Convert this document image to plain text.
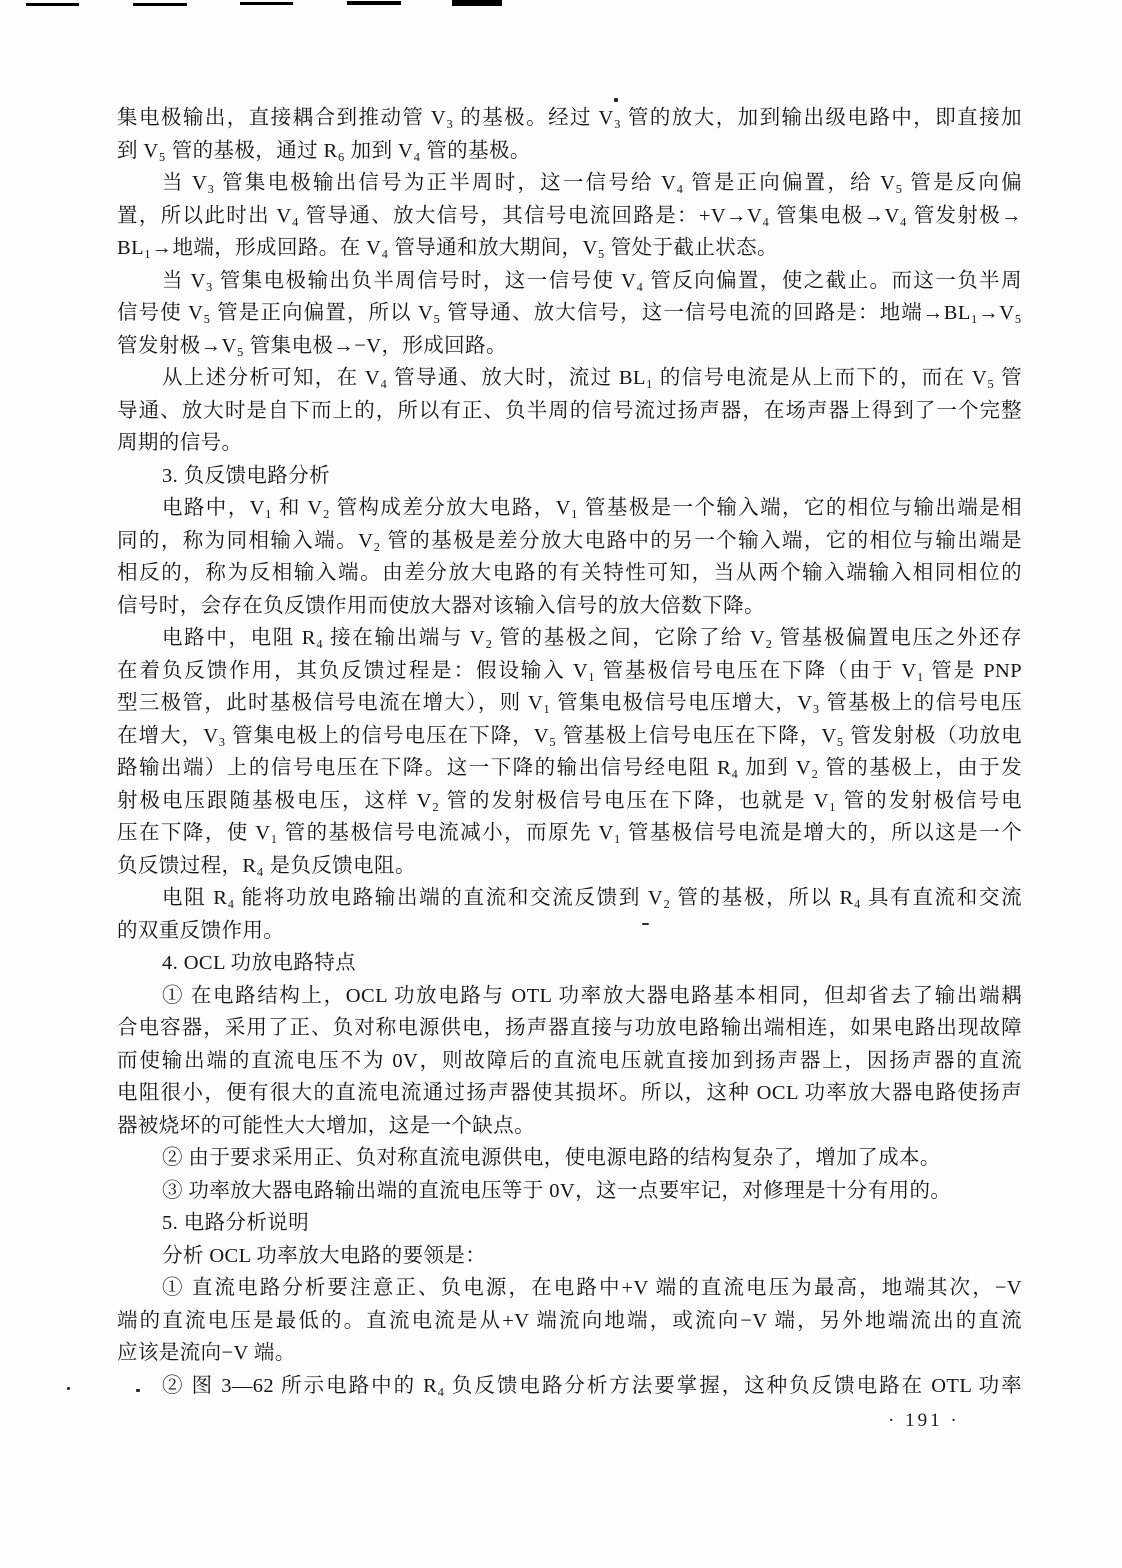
集电极输出，直接耦合到推动管 V₃ 的基极。经过 V₃ 管的放大，加到输出级电路中，即直接加
到 V₅ 管的基极，通过 R₆ 加到 V₄ 管的基极。
当 V₃ 管集电极输出信号为正半周时，这一信号给 V₄ 管是正向偏置，给 V₅ 管是反向偏
置，所以此时出 V₄ 管导通、放大信号，其信号电流回路是：+V→V₄ 管集电极→V₄ 管发射极→
BL₁→地端，形成回路。在 V₄ 管导通和放大期间，V₅ 管处于截止状态。
当 V₃ 管集电极输出负半周信号时，这一信号使 V₄ 管反向偏置，使之截止。而这一负半周
信号使 V₅ 管是正向偏置，所以 V₅ 管导通、放大信号，这一信号电流的回路是：地端→BL₁→V₅
管发射极→V₅ 管集电极→−V，形成回路。
从上述分析可知，在 V₄ 管导通、放大时，流过 BL₁ 的信号电流是从上而下的，而在 V₅ 管
导通、放大时是自下而上的，所以有正、负半周的信号流过扬声器，在场声器上得到了一个完整
周期的信号。
3. 负反馈电路分析
电路中，V₁ 和 V₂ 管构成差分放大电路，V₁ 管基极是一个输入端，它的相位与输出端是相
同的，称为同相输入端。V₂ 管的基极是差分放大电路中的另一个输入端，它的相位与输出端是
相反的，称为反相输入端。由差分放大电路的有关特性可知，当从两个输入端输入相同相位的
信号时，会存在负反馈作用而使放大器对该输入信号的放大倍数下降。
电路中，电阻 R₄ 接在输出端与 V₂ 管的基极之间，它除了给 V₂ 管基极偏置电压之外还存
在着负反馈作用，其负反馈过程是：假设输入 V₁ 管基极信号电压在下降（由于 V₁ 管是 PNP
型三极管，此时基极信号电流在增大），则 V₁ 管集电极信号电压增大，V₃ 管基极上的信号电压
在增大，V₃ 管集电极上的信号电压在下降，V₅ 管基极上信号电压在下降，V₅ 管发射极（功放电
路输出端）上的信号电压在下降。这一下降的输出信号经电阻 R₄ 加到 V₂ 管的基极上，由于发
射极电压跟随基极电压，这样 V₂ 管的发射极信号电压在下降，也就是 V₁ 管的发射极信号电
压在下降，使 V₁ 管的基极信号电流减小，而原先 V₁ 管基极信号电流是增大的，所以这是一个
负反馈过程，R₄ 是负反馈电阻。
电阻 R₄ 能将功放电路输出端的直流和交流反馈到 V₂ 管的基极，所以 R₄ 具有直流和交流
的双重反馈作用。
4. OCL 功放电路特点
① 在电路结构上，OCL 功放电路与 OTL 功率放大器电路基本相同，但却省去了输出端耦
合电容器，采用了正、负对称电源供电，扬声器直接与功放电路输出端相连，如果电路出现故障
而使输出端的直流电压不为 0V，则故障后的直流电压就直接加到扬声器上，因扬声器的直流
电阻很小，便有很大的直流电流通过扬声器使其损坏。所以，这种 OCL 功率放大器电路使扬声
器被烧坏的可能性大大增加，这是一个缺点。
② 由于要求采用正、负对称直流电源供电，使电源电路的结构复杂了，增加了成本。
③ 功率放大器电路输出端的直流电压等于 0V，这一点要牢记，对修理是十分有用的。
5. 电路分析说明
分析 OCL 功率放大电路的要领是：
① 直流电路分析要注意正、负电源，在电路中+V 端的直流电压为最高，地端其次，−V
端的直流电压是最低的。直流电流是从+V 端流向地端，或流向−V 端，另外地端流出的直流
应该是流向−V 端。
② 图 3—62 所示电路中的 R₄ 负反馈电路分析方法要掌握，这种负反馈电路在 OTL 功率
· 191 ·
